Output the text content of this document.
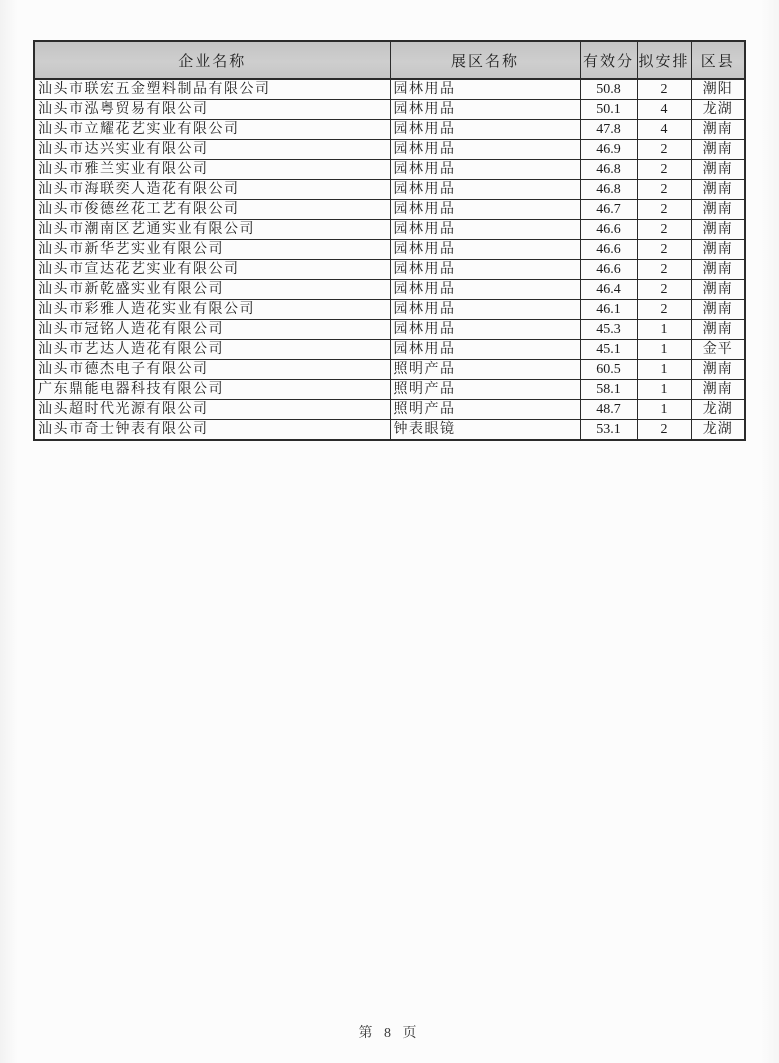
企业名称	展区名称	有效分	拟安排	区县
汕头市联宏五金塑料制品有限公司	园林用品	50.8	2	潮阳
汕头市泓粤贸易有限公司	园林用品	50.1	4	龙湖
汕头市立耀花艺实业有限公司	园林用品	47.8	4	潮南
汕头市达兴实业有限公司	园林用品	46.9	2	潮南
汕头市雅兰实业有限公司	园林用品	46.8	2	潮南
汕头市海联奕人造花有限公司	园林用品	46.8	2	潮南
汕头市俊德丝花工艺有限公司	园林用品	46.7	2	潮南
汕头市潮南区艺通实业有限公司	园林用品	46.6	2	潮南
汕头市新华艺实业有限公司	园林用品	46.6	2	潮南
汕头市宣达花艺实业有限公司	园林用品	46.6	2	潮南
汕头市新乾盛实业有限公司	园林用品	46.4	2	潮南
汕头市彩雅人造花实业有限公司	园林用品	46.1	2	潮南
汕头市冠铭人造花有限公司	园林用品	45.3	1	潮南
汕头市艺达人造花有限公司	园林用品	45.1	1	金平
汕头市德杰电子有限公司	照明产品	60.5	1	潮南
广东鼎能电器科技有限公司	照明产品	58.1	1	潮南
汕头超时代光源有限公司	照明产品	48.7	1	龙湖
汕头市奇士钟表有限公司	钟表眼镜	53.1	2	龙湖
第 8 页
